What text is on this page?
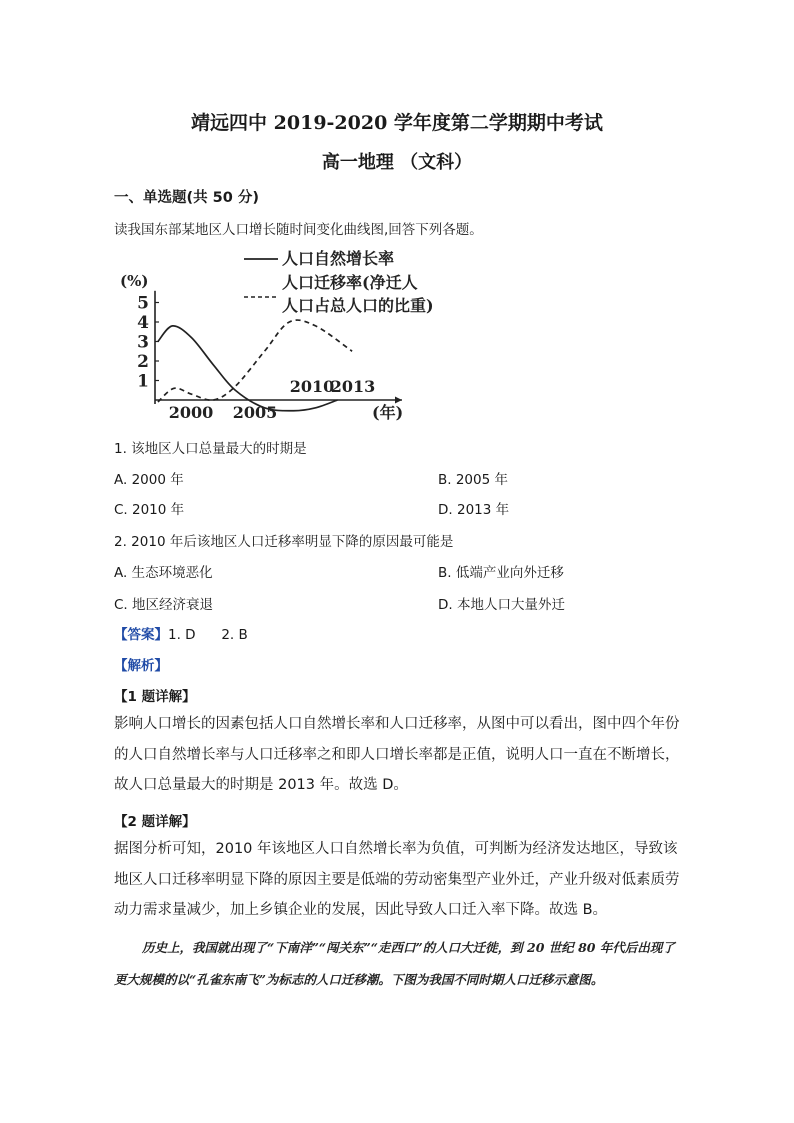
靖远四中 2019-2020 学年度第二学期期中考试
高一地理 （文科）
一、单选题(共 50 分)
读我国东部某地区人口增长随时间变化曲线图,回答下列各题。
1
2
3
4
5
(%)
2000 2005
2010
2013
(年)
人口自然增长率
人口迁移率(净迁人
人口占总人口的比重)
1. 该地区人口总量最大的时期是
A. 2000 年	B. 2005 年
C. 2010 年	D. 2013 年
2. 2010 年后该地区人口迁移率明显下降的原因最可能是
A. 生态环境恶化	B. 低端产业向外迁移
C. 地区经济衰退	D. 本地人口大量外迁
【答案】1. D      2. B
【解析】
【1 题详解】
影响人口增长的因素包括人口自然增长率和人口迁移率，从图中可以看出，图中四个年份的人口自然增长率与人口迁移率之和即人口增长率都是正值，说明人口一直在不断增长，故人口总量最大的时期是 2013 年。故选 D。
【2 题详解】
据图分析可知，2010 年该地区人口自然增长率为负值，可判断为经济发达地区，导致该地区人口迁移率明显下降的原因主要是低端的劳动密集型产业外迁，产业升级对低素质劳动力需求量减少，加上乡镇企业的发展，因此导致人口迁入率下降。故选 B。
历史上，我国就出现了“下南洋”“闯关东”“走西口”的人口大迁徙，到 20 世纪 80 年代后出现了更大规模的以“孔雀东南飞”为标志的人口迁移潮。下图为我国不同时期人口迁移示意图。
